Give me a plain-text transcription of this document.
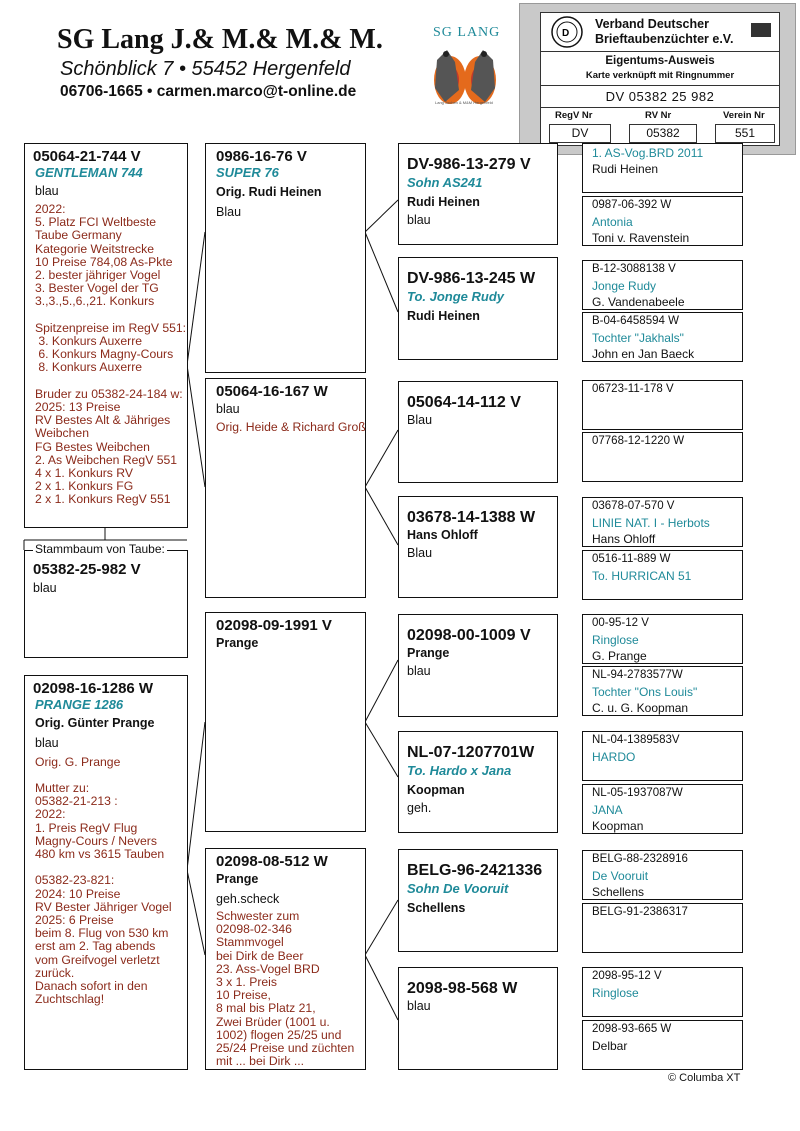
SG Lang J.& M.& M.& M.
Schönblick 7 • 55452 Hergenfeld
06706-1665 • carmen.marco@t-online.de
SG LANG
Lang Jochen & M&M Hergenfeld
D
Verband Deutscher
Brieftaubenzüchter e.V.
Eigentums-Ausweis
Karte verknüpft mit Ringnummer
DV 05382 25 982
RegV Nr	RV Nr	Verein Nr
DV	05382	551
05064-21-744 V
GENTLEMAN 744
blau
2022:
5. Platz FCI Weltbeste
Taube Germany
Kategorie Weitstrecke
10 Preise 784,08 As-Pkte
2. bester jähriger Vogel
3. Bester Vogel der TG
3.,3.,5.,6.,21. Konkurs
Spitzenpreise im RegV 551:
3. Konkurs Auxerre
6. Konkurs Magny-Cours
8. Konkurs Auxerre
Bruder zu 05382-24-184 w:
2025: 13 Preise
RV Bestes Alt & Jähriges
Weibchen
FG Bestes Weibchen
2. As Weibchen RegV 551
4 x 1. Konkurs RV
2 x 1. Konkurs FG
2 x 1. Konkurs RegV 551
05382-25-982 V
blau
Stammbaum von Taube:
02098-16-1286 W
PRANGE 1286
Orig. Günter Prange
blau
Orig. G. Prange
Mutter zu:
05382-21-213 :
2022:
1. Preis RegV Flug
Magny-Cours / Nevers
480 km vs 3615 Tauben
05382-23-821:
2024: 10 Preise
RV Bester Jähriger Vogel
2025: 6 Preise
beim 8. Flug von 530 km
erst am 2. Tag abends
vom Greifvogel verletzt
zurück.
Danach sofort in den
Zuchtschlag!
0986-16-76 V
SUPER 76
Orig. Rudi Heinen
Blau
05064-16-167 W
blau
Orig. Heide & Richard Groß
02098-09-1991 V
Prange
02098-08-512 W
Prange
geh.scheck
Schwester zum
02098-02-346
Stammvogel
bei Dirk de Beer
23. Ass-Vogel BRD
3 x 1. Preis
10 Preise,
8 mal bis Platz 21,
Zwei Brüder (1001 u.
1002) flogen 25/25 und
25/24 Preise und züchten
mit ... bei Dirk ...
DV-986-13-279 V
Sohn AS241
Rudi Heinen
blau
DV-986-13-245 W
To. Jonge Rudy
Rudi Heinen
05064-14-112 V
Blau
03678-14-1388 W
Hans Ohloff
Blau
02098-00-1009 V
Prange
blau
NL-07-1207701W
To. Hardo x Jana
Koopman
geh.
BELG-96-2421336
Sohn De Vooruit
Schellens
2098-98-568 W
blau
1. AS-Vog.BRD 2011
Rudi Heinen
0987-06-392 W
Antonia
Toni v. Ravenstein
B-12-3088138 V
Jonge Rudy
G. Vandenabeele
B-04-6458594 W
Tochter "Jakhals"
John en Jan Baeck
06723-11-178 V
07768-12-1220 W
03678-07-570 V
LINIE NAT. I - Herbots
Hans Ohloff
0516-11-889 W
To. HURRICAN 51
00-95-12 V
Ringlose
G. Prange
NL-94-2783577W
Tochter "Ons Louis"
C. u. G. Koopman
NL-04-1389583V
HARDO
NL-05-1937087W
JANA
Koopman
BELG-88-2328916
De Vooruit
Schellens
BELG-91-2386317
2098-95-12 V
Ringlose
2098-93-665 W
Delbar
© Columba XT
